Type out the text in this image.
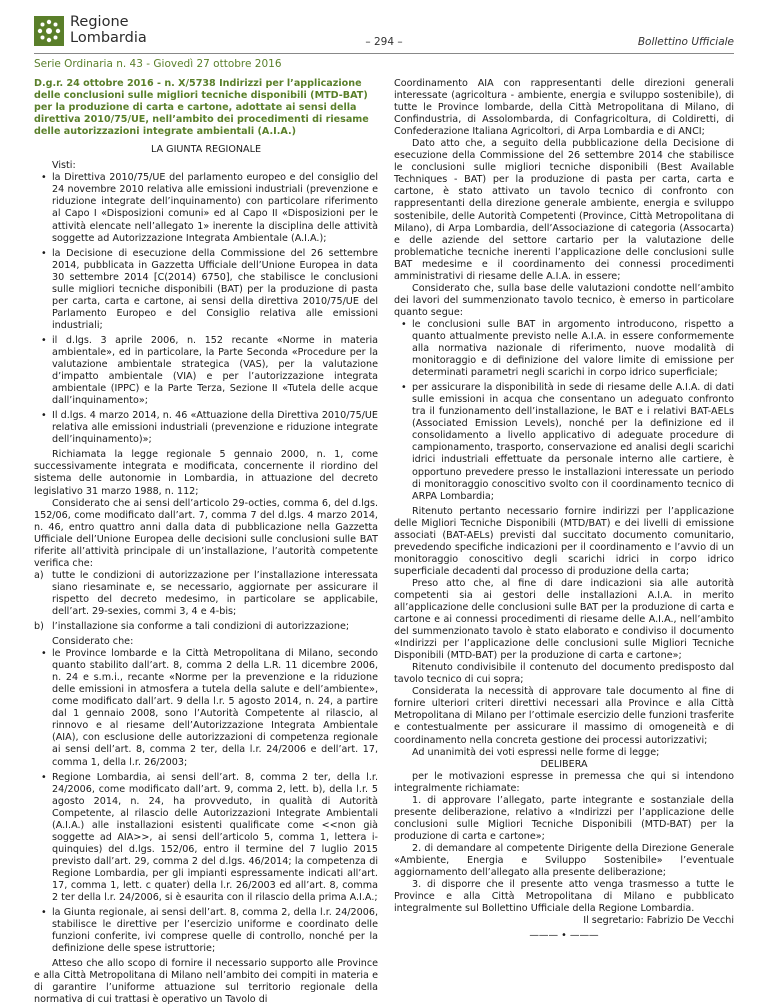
Regione
Lombardia	– 294 –	Bollettino Ufficiale
Serie Ordinaria n. 43 - Giovedì 27 ottobre 2016

D.g.r. 24 ottobre 2016 - n. X/5738 Indirizzi per l’applicazione delle conclusioni sulle migliori tecniche disponibili (MTD-BAT) per la produzione di carta e cartone, adottate ai sensi della direttiva 2010/75/UE, nell’ambito dei procedimenti di riesame delle autorizzazioni integrate ambientali (A.I.A.)

LA GIUNTA REGIONALE

Visti:

• la Direttiva 2010/75/UE del parlamento europeo e del consiglio del 24 novembre 2010 relativa alle emissioni industriali (prevenzione e riduzione integrate dell’inquinamento) con particolare riferimento al Capo I «Disposizioni comuni» ed al Capo II «Disposizioni per le attività elencate nell’allegato 1» inerente la disciplina delle attività soggette ad Autorizzazione Integrata Ambientale (A.I.A.);
• la Decisione di esecuzione della Commissione del 26 settembre 2014, pubblicata in Gazzetta Ufficiale dell’Unione Europea in data 30 settembre 2014 [C(2014) 6750], che stabilisce le conclusioni sulle migliori tecniche disponibili (BAT) per la produzione di pasta per carta, carta e cartone, ai sensi della direttiva 2010/75/UE del Parlamento Europeo e del Consiglio relativa alle emissioni industriali;
• il d.lgs. 3 aprile 2006, n. 152 recante «Norme in materia ambientale», ed in particolare, la Parte Seconda «Procedure per la valutazione ambientale strategica (VAS), per la valutazione d’impatto ambientale (VIA) e per l’autorizzazione integrata ambientale (IPPC) e la Parte Terza, Sezione II «Tutela delle acque dall’inquinamento»;
• Il d.lgs. 4 marzo 2014, n. 46 «Attuazione della Direttiva 2010/75/UE relativa alle emissioni industriali (prevenzione e riduzione integrate dell’inquinamento)»;

Richiamata la legge regionale 5 gennaio 2000, n. 1, come successivamente integrata e modificata, concernente il riordino del sistema delle autonomie in Lombardia, in attuazione del decreto legislativo 31 marzo 1988, n. 112;

Considerato che ai sensi dell’articolo 29-octies, comma 6, del d.lgs. 152/06, come modificato dall’art. 7, comma 7 del d.lgs. 4 marzo 2014, n. 46, entro quattro anni dalla data di pubblicazione nella Gazzetta Ufficiale dell’Unione Europea delle decisioni sulle conclusioni sulle BAT riferite all’attività principale di un’installazione, l’autorità competente verifica che:

a) tutte le condizioni di autorizzazione per l’installazione interessata siano riesaminate e, se necessario, aggiornate per assicurare il rispetto del decreto medesimo, in particolare se applicabile, dell’art. 29-sexies, commi 3, 4 e 4-bis;
b) l’installazione sia conforme a tali condizioni di autorizzazione;

Considerato che:

• le Province lombarde e la Città Metropolitana di Milano, secondo quanto stabilito dall’art. 8, comma 2 della L.R. 11 dicembre 2006, n. 24 e s.m.i., recante «Norme per la prevenzione e la riduzione delle emissioni in atmosfera a tutela della salute e dell’ambiente», come modificato dall’art. 9 della l.r. 5 agosto 2014, n. 24, a partire dal 1 gennaio 2008, sono l’Autorità Competente al rilascio, al rinnovo e al riesame dell’Autorizzazione Integrata Ambientale (AIA), con esclusione delle autorizzazioni di competenza regionale ai sensi dell’art. 8, comma 2 ter, della l.r. 24/2006 e dell’art. 17, comma 1, della l.r. 26/2003;
• Regione Lombardia, ai sensi dell’art. 8, comma 2 ter, della l.r. 24/2006, come modificato dall’art. 9, comma 2, lett. b), della l.r. 5 agosto 2014, n. 24, ha provveduto, in qualità di Autorità Competente, al rilascio delle Autorizzazioni Integrate Ambientali (A.I.A.) alle installazioni esistenti qualificate come <<non già soggette ad AIA>>, ai sensi dell’articolo 5, comma 1, lettera i-quinquies) del d.lgs. 152/06, entro il termine del 7 luglio 2015 previsto dall’art. 29, comma 2 del d.lgs. 46/2014; la competenza di Regione Lombardia, per gli impianti espressamente indicati all’art. 17, comma 1, lett. c quater) della l.r. 26/2003 ed all’art. 8, comma 2 ter della l.r. 24/2006, si è esaurita con il rilascio della prima A.I.A.;
• la Giunta regionale, ai sensi dell’art. 8, comma 2, della l.r. 24/2006, stabilisce le direttive per l’esercizio uniforme e coordinato delle funzioni conferite, ivi comprese quelle di controllo, nonché per la definizione delle spese istruttorie;

Atteso che allo scopo di fornire il necessario supporto alle Province e alla Città Metropolitana di Milano nell’ambito dei compiti in materia e di garantire l’uniforme attuazione sul territorio regionale della normativa di cui trattasi è operativo un Tavolo di

Coordinamento AIA con rappresentanti delle direzioni generali interessate (agricoltura - ambiente, energia e sviluppo sostenibile), di tutte le Province lombarde, della Città Metropolitana di Milano, di Confindustria, di Assolombarda, di Confagricoltura, di Coldiretti, di Confederazione Italiana Agricoltori, di Arpa Lombardia e di ANCI;

Dato atto che, a seguito della pubblicazione della Decisione di esecuzione della Commissione del 26 settembre 2014 che stabilisce le conclusioni sulle migliori tecniche disponibili (Best Available Techniques - BAT) per la produzione di pasta per carta, carta e cartone, è stato attivato un tavolo tecnico di confronto con rappresentanti della direzione generale ambiente, energia e sviluppo sostenibile, delle Autorità Competenti (Province, Città Metropolitana di Milano), di Arpa Lombardia, dell’Associazione di categoria (Assocarta) e delle aziende del settore cartario per la valutazione delle problematiche tecniche inerenti l’applicazione delle conclusioni sulle BAT medesime e il coordinamento dei connessi procedimenti amministrativi di riesame delle A.I.A. in essere;

Considerato che, sulla base delle valutazioni condotte nell’ambito dei lavori del summenzionato tavolo tecnico, è emerso in particolare quanto segue:

• le conclusioni sulle BAT in argomento introducono, rispetto a quanto attualmente previsto nelle A.I.A. in essere conformemente alla normativa nazionale di riferimento, nuove modalità di monitoraggio e di definizione del valore limite di emissione per determinati parametri negli scarichi in corpo idrico superficiale;
• per assicurare la disponibilità in sede di riesame delle A.I.A. di dati sulle emissioni in acqua che consentano un adeguato confronto tra il funzionamento dell’installazione, le BAT e i relativi BAT-AELs (Associated Emission Levels), nonché per la definizione ed il consolidamento a livello applicativo di adeguate procedure di campionamento, trasporto, conservazione ed analisi degli scarichi idrici industriali effettuate da personale interno alle cartiere, è opportuno prevedere presso le installazioni interessate un periodo di monitoraggio conoscitivo svolto con il coordinamento tecnico di ARPA Lombardia;

Ritenuto pertanto necessario fornire indirizzi per l’applicazione delle Migliori Tecniche Disponibili (MTD/BAT) e dei livelli di emissione associati (BAT-AELs) previsti dal succitato documento comunitario, prevedendo specifiche indicazioni per il coordinamento e l’avvio di un monitoraggio conoscitivo degli scarichi idrici in corpo idrico superficiale decadenti dal processo di produzione della carta;

Preso atto che, al fine di dare indicazioni sia alle autorità competenti sia ai gestori delle installazioni A.I.A. in merito all’applicazione delle conclusioni sulle BAT per la produzione di carta e cartone e ai connessi procedimenti di riesame delle A.I.A., nell’ambito del summenzionato tavolo è stato elaborato e condiviso il documento «Indirizzi per l’applicazione delle conclusioni sulle Migliori Tecniche Disponibili (MTD-BAT) per la produzione di carta e cartone»;

Ritenuto condivisibile il contenuto del documento predisposto dal tavolo tecnico di cui sopra;

Considerata la necessità di approvare tale documento al fine di fornire ulteriori criteri direttivi necessari alla Province e alla Città Metropolitana di Milano per l’ottimale esercizio delle funzioni trasferite e contestualmente per assicurare il massimo di omogeneità e di coordinamento nella concreta gestione dei processi autorizzativi;

Ad unanimità dei voti espressi nelle forme di legge;

DELIBERA

per le motivazioni espresse in premessa che qui si intendono integralmente richiamate:

1. di approvare l’allegato, parte integrante e sostanziale della presente deliberazione, relativo a «Indirizzi per l’applicazione delle conclusioni sulle Migliori Tecniche Disponibili (MTD-BAT) per la produzione di carta e cartone»;

2. di demandare al competente Dirigente della Direzione Generale «Ambiente, Energia e Sviluppo Sostenibile» l’eventuale aggiornamento dell’allegato alla presente deliberazione;

3. di disporre che il presente atto venga trasmesso a tutte le Province e alla Città Metropolitana di Milano e pubblicato integralmente sul Bollettino Ufficiale della Regione Lombardia.

Il segretario: Fabrizio De Vecchi

——— • ———
